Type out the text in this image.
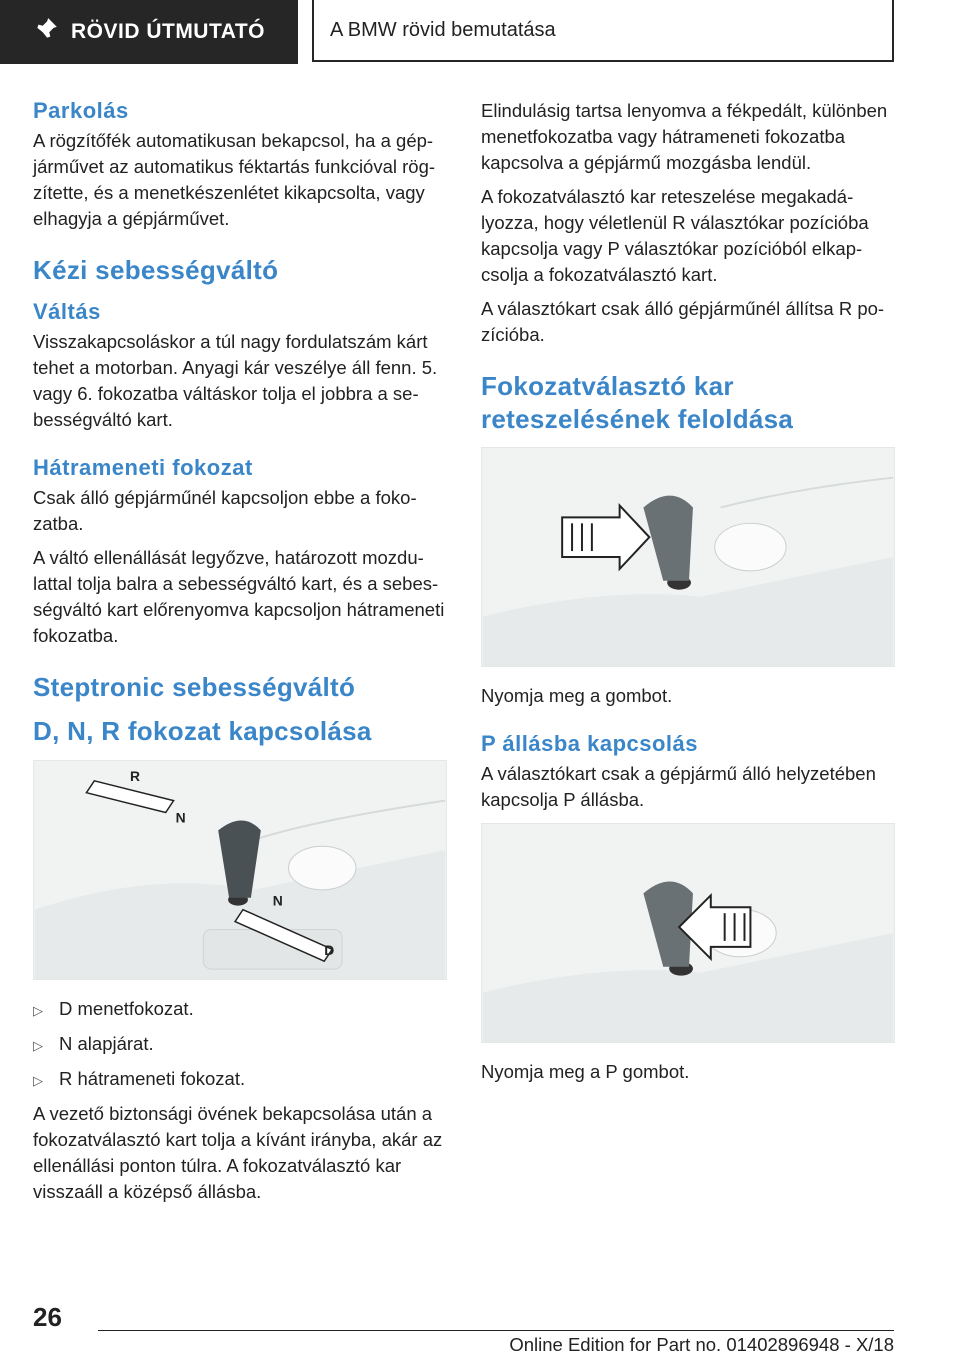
RÖVID ÚTMUTATÓ	A BMW rövid bemutatása
Parkolás

A rögzítőfék automatikusan bekapcsol, ha a gépjárművet az automatikus féktartás funkcióval rögzítette, és a menetkészenlétet kikapcsolta, vagy elhagyja a gépjárművet.

Kézi sebességváltó
Váltás

Visszakapcsoláskor a túl nagy fordulatszám kárt tehet a motorban. Anyagi kár veszélye áll fenn. 5. vagy 6. fokozatba váltáskor tolja el jobbra a sebességváltó kart.

Hátrameneti fokozat

Csak álló gépjárműnél kapcsoljon ebbe a fokozatba.

A váltó ellenállását legyőzve, határozott mozdulattal tolja balra a sebességváltó kart, és a sebességváltó kart előrenyomva kapcsoljon hátrameneti fokozatba.

Steptronic sebességváltó
D, N, R fokozat kapcsolása
R
N
N
D
▷ D menetfokozat.
▷ N alapjárat.
▷ R hátrameneti fokozat.

A vezető biztonsági övének bekapcsolása után a fokozatválasztó kart tolja a kívánt irányba, akár az ellenállási ponton túlra. A fokozatválasztó kar visszaáll a középső állásba.

Elindulásig tartsa lenyomva a fékpedált, különben menetfokozatba vagy hátrameneti fokozatba kapcsolva a gépjármű mozgásba lendül.

A fokozatválasztó kar reteszelése megakadályozza, hogy véletlenül R választókar pozícióba kapcsolja vagy P választókar pozícióból elkapcsolja a fokozatválasztó kart.

A választókart csak álló gépjárműnél állítsa R pozícióba.

Fokozatválasztó kar reteszelésének feloldása

Nyomja meg a gombot.

P állásba kapcsolás

A választókart csak a gépjármű álló helyzetében kapcsolja P állásba.

Nyomja meg a P gombot.

26
Online Edition for Part no. 01402896948 - X/18
